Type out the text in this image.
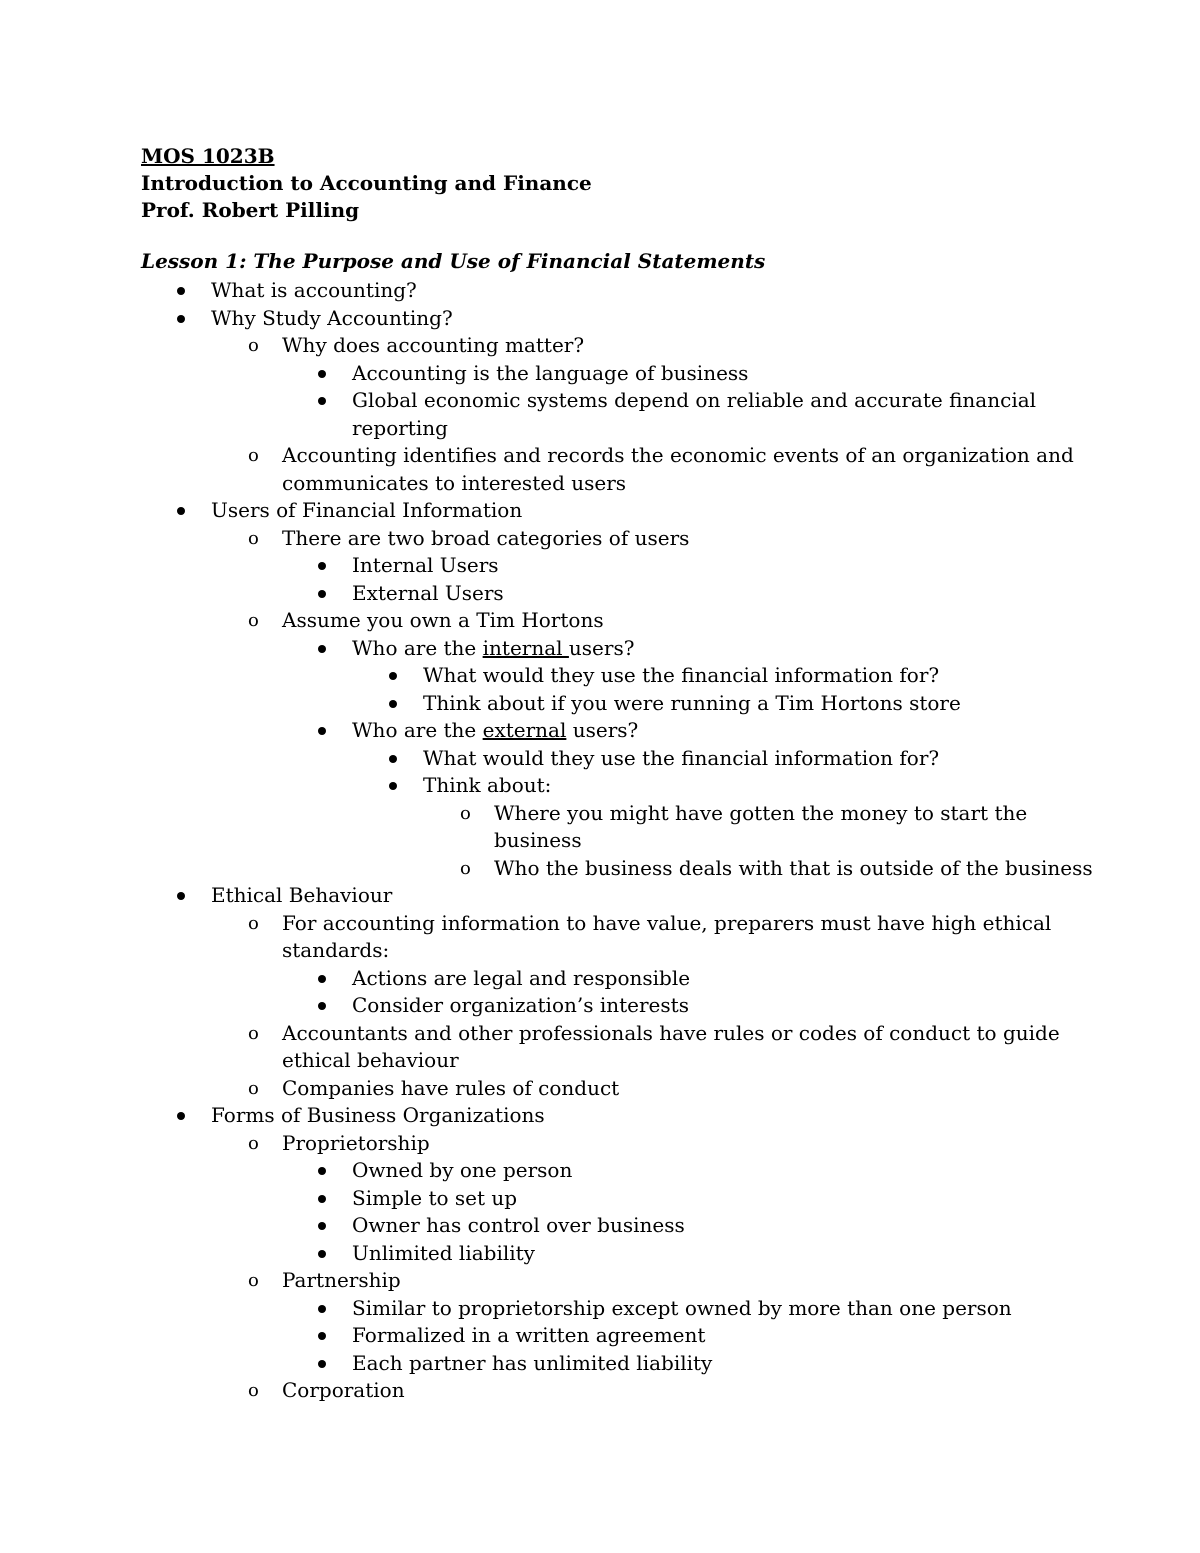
MOS 1023B
Introduction to Accounting and Finance
Prof. Robert Pilling
Lesson 1: The Purpose and Use of Financial Statements
What is accounting?
Why Study Accounting?
o Why does accounting matter?
Accounting is the language of business
Global economic systems depend on reliable and accurate financial
reporting
o Accounting identifies and records the economic events of an organization and
communicates to interested users
Users of Financial Information
o There are two broad categories of users
Internal Users
External Users
o Assume you own a Tim Hortons
Who are the internal users?
What would they use the financial information for?
Think about if you were running a Tim Hortons store
Who are the external users?
What would they use the financial information for?
Think about:
o Where you might have gotten the money to start the
business
o Who the business deals with that is outside of the business
Ethical Behaviour
o For accounting information to have value, preparers must have high ethical
standards:
Actions are legal and responsible
Consider organization’s interests
o Accountants and other professionals have rules or codes of conduct to guide
ethical behaviour
o Companies have rules of conduct
Forms of Business Organizations
o Proprietorship
Owned by one person
Simple to set up
Owner has control over business
Unlimited liability
o Partnership
Similar to proprietorship except owned by more than one person
Formalized in a written agreement
Each partner has unlimited liability
o Corporation
